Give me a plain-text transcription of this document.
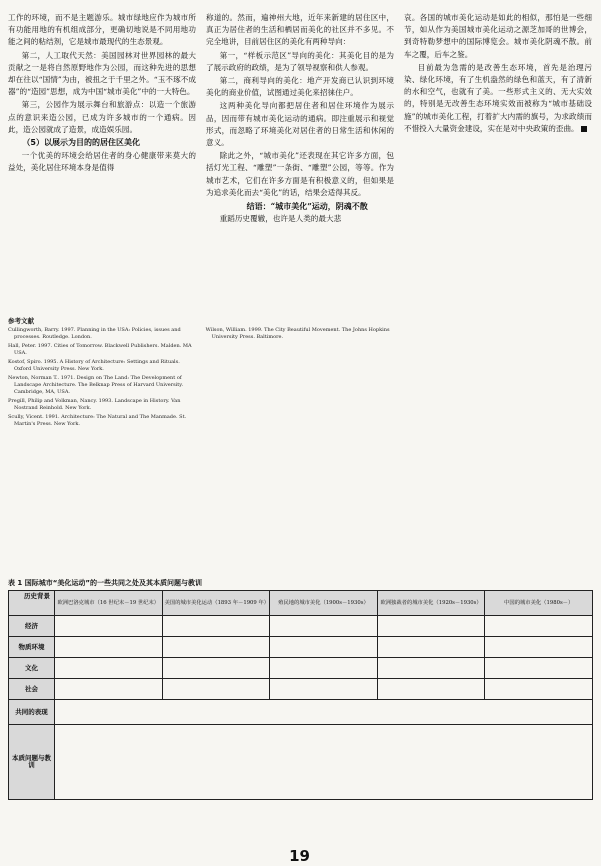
工作的环境，而不是主题游乐。城市绿地应作为城市所有功能用地的有机组成部分，更确切地说是不同用地功能之间的粘结剂，它是城市最现代的生态景观。

第二，人工取代天然：美国园林对世界园林的最大贡献之一是将自然原野地作为公园，而这种先进的思想却在往以“国情”为由，被扭之于千里之外。“玉不琢不成器”的“造园”思想，成为中国“城市美化”中的一大特色。

第三，公园作为展示舞台和旅游点：以造一个旅游点的意识来造公园，已成为许多城市的一个通病。因此，造公园就成了造景，成造娱乐园。

（5）以展示为目的的居住区美化

一个优美的环境会给居住者的身心健康带来莫大的益处，美化居住环境本身是值得

称道的。然而，遍神州大地，近年来新建的居住区中，真正为居住者的生活和栖居而美化的社区并不多见。不完全地讲，目前居住区的美化有两种导向：

第一，“样板示范区”导向的美化：其美化目的是为了展示政府的政绩，是为了领导视察和供人参观。

第二，商利导向的美化：地产开发商已认识到环境美化的商业价值，试图通过美化来招徕住户。

这两种美化导向都把居住者和居住环境作为展示品，因而带有城市美化运动的通病。即注重展示和视觉形式，而忽略了环境美化对居住者的日常生活和休闲的意义。

除此之外，“城市美化”还表现在其它许多方面，包括灯光工程、“雕塑”一条街、“雕塑”公园，等等。作为城市艺术，它们在许多方面是有积极意义的，但如果是为追求美化而去“美化”的话，结果会适得其反。

结语：“城市美化”运动，阴魂不散

重蹈历史覆辙，也许是人类的最大悲

哀。各国的城市美化运动是如此的相似，那怕是一些细节，如从作为美国城市美化运动之源芝加哥的世博会，到奇特勒梦想中的国际博览会。城市美化阴魂不散。前车之覆，后车之鉴。

目前最为急需的是改善生态环境，首先是治理污染、绿化环境，有了生机盎然的绿色和蓝天，有了清新的水和空气，也就有了美。一些形式主义的、无大实效的，特别是无改善生态环境实效而被称为“城市基础设施”的城市美化工程，打着扩大内需的旗号，为求政绩而不惜投入大量资金建设，实在是对中央政策的歪曲。

参考文献
Cullingworth, Barry. 1997. Planning in the USA: Policies, issues and processes. Routledge. London.
Hall, Peter. 1997. Cities of Tomorrow. Blackwell Publishers. Malden. MA USA.
Kostof, Spiro. 1995. A History of Architecture: Settings and Rituals. Oxford University Press. New York.
Newton, Norman T.. 1971. Design on The Land: The Development of Landscape Architecture. The Belknap Press of Harvard University. Cambridge, MA, USA.
Pregill, Philip and Volkman, Nancy. 1993. Landscape in History. Van Nostrand Reinhold. New York.
Scully, Vicent. 1991. Architecture: The Natural and The Manmade. St. Martin's Press. New York.
Wilson, William. 1999. The City Beautiful Movement. The Johns Hopkins University Press. Baltimore.
表 1 国际城市“美化运动”的一些共同之处及其本质问题与教训
历史背景	欧洲巴洛克城市（16 世纪末－19 世纪末）	美国的城市美化运动（1893 年－1909 年）	殖民地的城市美化（1900s－1930s）	欧洲独裁者的城市美化（1920s－1930s）	中国的城市美化（1980s－）
经济					
物质环境					
文化					
社会					
共同的表现					
本质问题与教训					
19
